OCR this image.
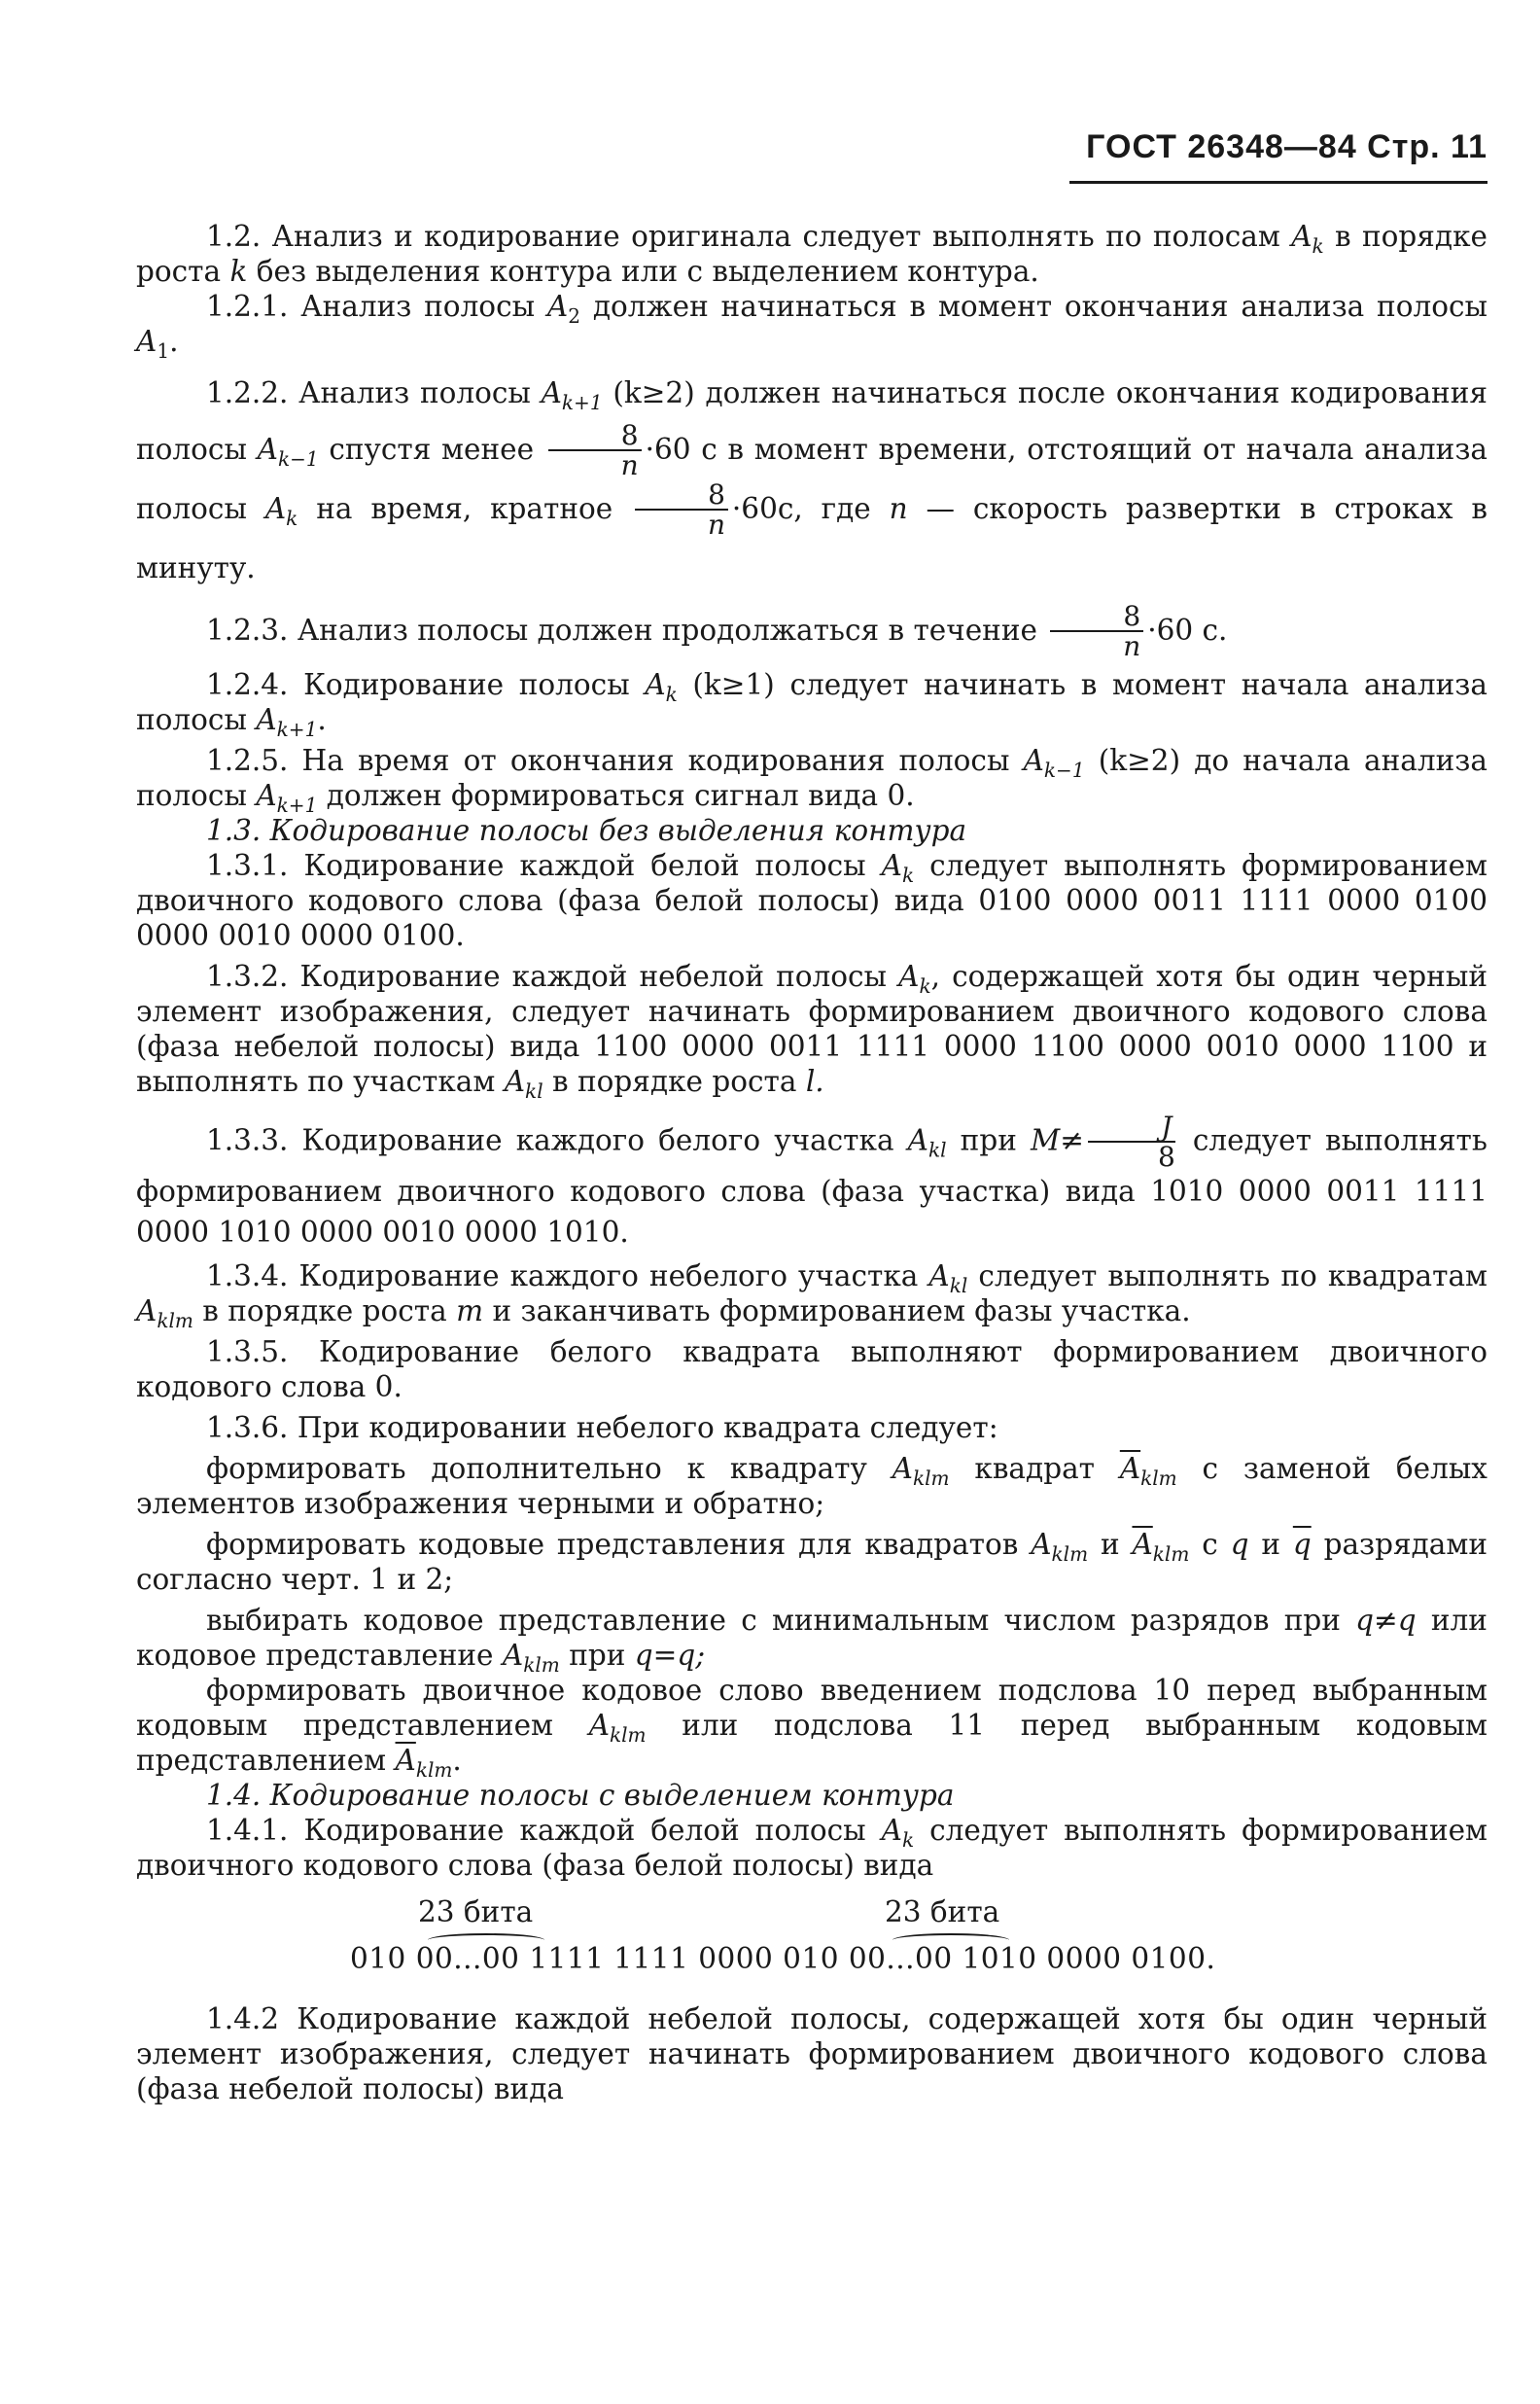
ГОСТ 26348—84 Стр. 11

1.2. Анализ и кодирование оригинала следует выполнять по полосам $A_k$ в порядке роста k без выделения контура или с выделением контура.

1.2.1. Анализ полосы $A_2$ должен начинаться в момент окончания анализа полосы $A_1$.

1.2.2. Анализ полосы $A_{k+1}$ (k≥2) должен начинаться после окончания кодирования полосы $A_{k-1}$ спустя менее $\frac{8}{n} \cdot 60$ с в момент времени, отстоящий от начала анализа полосы $A_k$ на время, кратное $\frac{8}{n} \cdot 60с$, где n — скорость развертки в строках в минуту.

1.2.3. Анализ полосы должен продолжаться в течение $\frac{8}{n} \cdot 60$ с.

1.2.4. Кодирование полосы $A_k$ (k≥1) следует начинать в момент начала анализа полосы $A_{k+1}$.

1.2.5. На время от окончания кодирования полосы $A_{k-1}$ (k≥2) до начала анализа полосы $A_{k+1}$ должен формироваться сигнал вида 0.

1.3. Кодирование полосы без выделения контура

1.3.1. Кодирование каждой белой полосы $A_k$ следует выполнять формированием двоичного кодового слова (фаза белой полосы) вида 0100 0000 0011 1111 0000 0100 0000 0010 0000 0100.

1.3.2. Кодирование каждой небелой полосы $A_k$, содержащей хотя бы один черный элемент изображения, следует начинать формированием двоичного кодового слова (фаза небелой полосы) вида 1100 0000 0011 1111 0000 1100 0000 0010 0000 1100 и выполнять по участкам $A_{kl}$ в порядке роста l.

1.3.3. Кодирование каждого белого участка $A_{kl}$ при $M\ne \frac{J}{8}$ следует выполнять формированием двоичного кодового слова (фаза участка) вида 1010 0000 0011 1111 0000 1010 0000 0010 0000 1010.

1.3.4. Кодирование каждого небелого участка $A_{kl}$ следует выполнять по квадратам $A_{klm}$ в порядке роста m и заканчивать формированием фазы участка.

1.3.5. Кодирование белого квадрата выполняют формированием двоичного кодового слова 0.

1.3.6. При кодировании небелого квадрата следует:

формировать дополнительно к квадрату $A_{klm}$ квадрат $\overline{A}_{klm}$ с заменой белых элементов изображения черными и обратно;

формировать кодовые представления для квадратов $A_{klm}$ и $\overline{A}_{klm}$ с q и $\overline{q}$ разрядами согласно черт. 1 и 2;

выбирать кодовое представление с минимальным числом разрядов при q≠q или кодовое представление $A_{klm}$ при q=q;

формировать двоичное кодовое слово введением подслова 10 перед выбранным кодовым представлением $A_{klm}$ или подслова 11 перед выбранным кодовым представлением $\overline{A}_{klm}$.

1.4. Кодирование полосы с выделением контура

1.4.1. Кодирование каждой белой полосы $A_k$ следует выполнять формированием двоичного кодового слова (фаза белой полосы) вида

23 бита	23 бита
010 00...00 1111 1111 0000 010 00...00 1010 0000 0100.

1.4.2 Кодирование каждой небелой полосы, содержащей хотя бы один черный элемент изображения, следует начинать формированием двоичного кодового слова (фаза небелой полосы) вида
